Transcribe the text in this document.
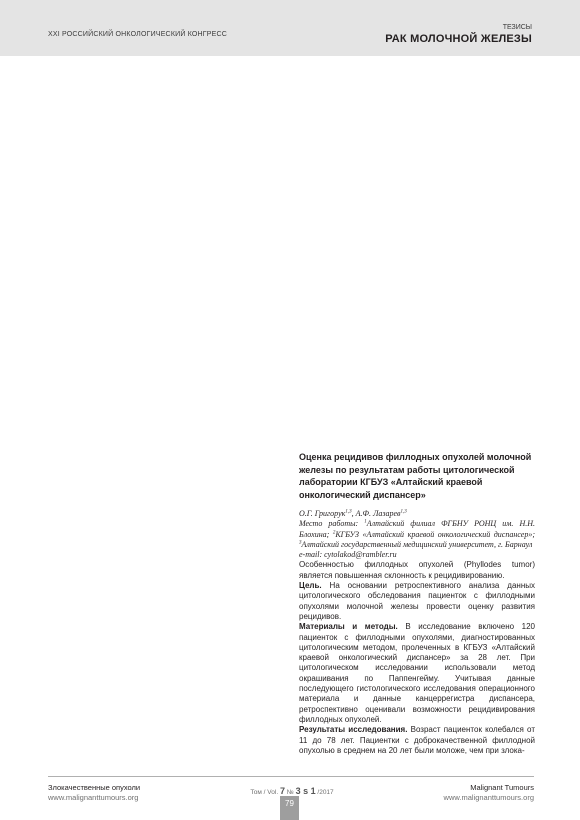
XXI РОССИЙСКИЙ ОНКОЛОГИЧЕСКИЙ КОНГРЕСС
ТЕЗИСЫ
РАК МОЛОЧНОЙ ЖЕЛЕЗЫ
Оценка рецидивов филлодных опухолей молочной железы по результатам работы цитологической лаборатории КГБУЗ «Алтайский краевой онкологический диспансер»
О.Г. Григорук$^{1,3}$, А.Ф. Лазарев$^{1,3}$
Место работы: $^1$Алтайский филиал ФГБНУ РОНЦ им. Н.Н. Блохина; $^2$КГБУЗ «Алтайский краевой онкологический диспансер»; $^3$Алтайский государственный медицинский университет, г. Барнаул
e-mail: cytolakod@rambler.ru

Особенностью филлодных опухолей (Phyllodes tumor) является повышенная склонность к рецидивированию.

Цель. На основании ретроспективного анализа данных цитологического обследования пациенток с филлодными опухолями молочной железы провести оценку развития рецидивов.

Материалы и методы. В исследование включено 120 пациенток с филлодными опухолями, диагностированных цитологическим методом, пролеченных в КГБУЗ «Алтайский краевой онкологический диспансер» за 28 лет. При цитологическом исследовании использовали метод окрашивания по Паппенгейму. Учитывая данные последующего гистологического исследования операционного материала и данные канцеррегистра диспансера, ретроспективно оценивали возможности рецидивирования филлодных опухолей.

Результаты исследования. Возраст пациенток колебался от 11 до 78 лет. Пациентки с доброкачественной филлодной опухолью в среднем на 20 лет были моложе, чем при злока-

Злокачественные опухоли
www.malignanttumours.org
Том / Vol. 7 № 3 s 1 /2017
79
Malignant Tumours
www.malignanttumours.org
